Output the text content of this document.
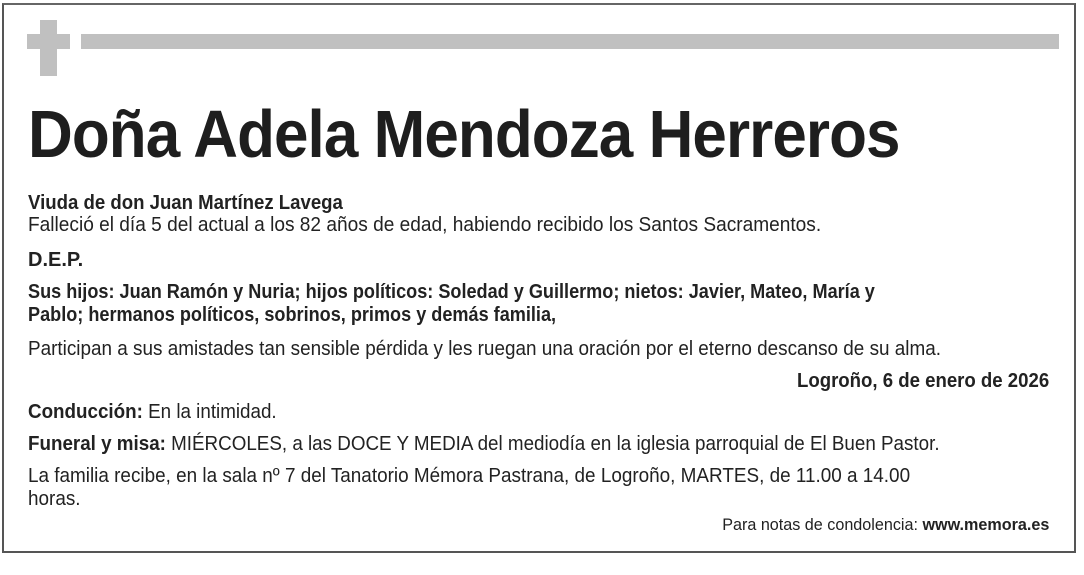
Doña Adela Mendoza Herreros
Viuda de don Juan Martínez Lavega
Falleció el día 5 del actual a los 82 años de edad, habiendo recibido los Santos Sacramentos.
D.E.P.
Sus hijos: Juan Ramón y Nuria; hijos políticos: Soledad y Guillermo; nietos: Javier, Mateo, María y
Pablo; hermanos políticos, sobrinos, primos y demás familia,
Participan a sus amistades tan sensible pérdida y les ruegan una oración por el eterno descanso de su alma.
Logroño, 6 de enero de 2026
Conducción: En la intimidad.
Funeral y misa: MIÉRCOLES, a las DOCE Y MEDIA del mediodía en la iglesia parroquial de El Buen Pastor.
La familia recibe, en la sala nº 7 del Tanatorio Mémora Pastrana, de Logroño, MARTES, de 11.00 a 14.00
horas.
Para notas de condolencia: www.memora.es
